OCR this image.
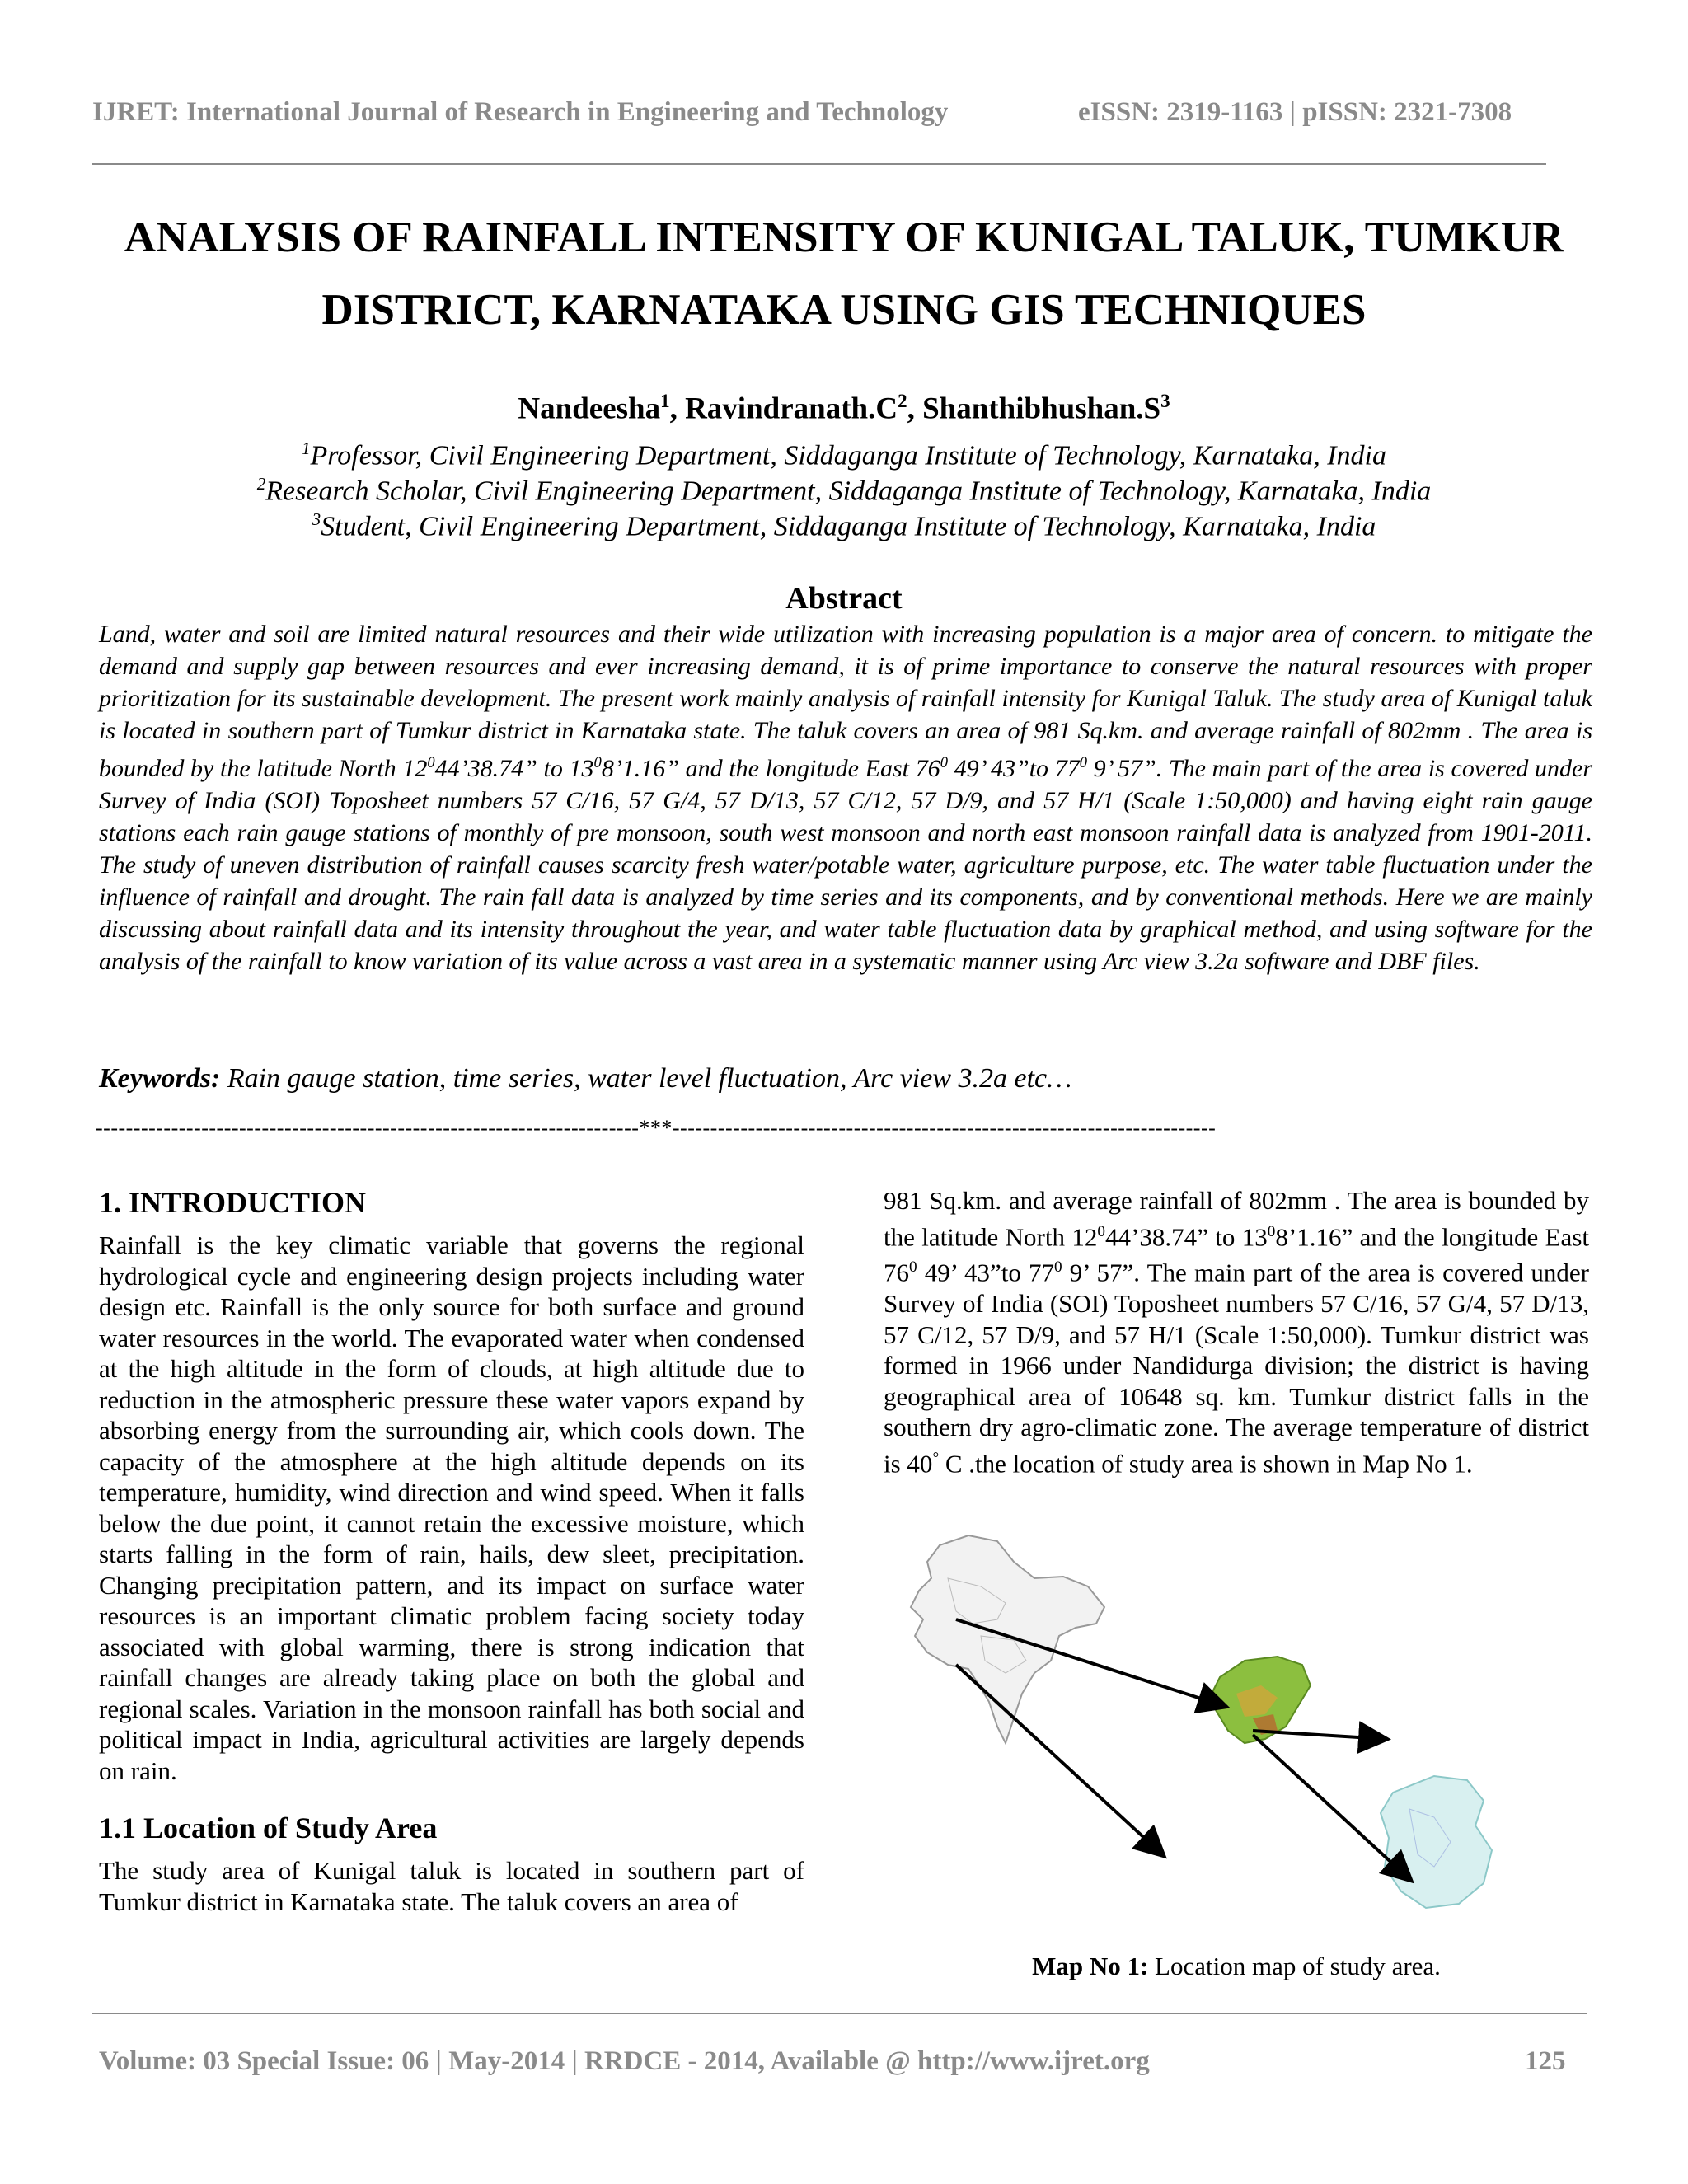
IJRET: International Journal of Research in Engineering and Technology	eISSN: 2319-1163 | pISSN: 2321-7308
ANALYSIS OF RAINFALL INTENSITY OF KUNIGAL TALUK, TUMKUR
DISTRICT, KARNATAKA USING GIS TECHNIQUES
Nandeesha$^1$, $Ravindranath.C^2$, $Shanthibhushan.S^3$
$^1$Professor, Civil Engineering Department, Siddaganga Institute of Technology, Karnataka, India
$^2$Research Scholar, Civil Engineering Department, Siddaganga Institute of Technology, Karnataka, India
$^3$Student, Civil Engineering Department, Siddaganga Institute of Technology, Karnataka, India
Abstract
Land, water and soil are limited natural resources and their wide utilization with increasing population is a major area of concern. to mitigate the demand and supply gap between resources and ever increasing demand, it is of prime importance to conserve the natural resources with proper prioritization for its sustainable development. The present work mainly analysis of rainfall intensity for Kunigal Taluk. The study area of Kunigal taluk is located in southern part of Tumkur district in Karnataka state. The taluk covers an area of 981 Sq.km. and average rainfall of 802mm . The area is bounded by the latitude North $12^044’38.74$” to $13^08’1.16$” and the longitude East $76^0$ 49’ 43”to $77^0$ 9’ 57”. The main part of the area is covered under Survey of India (SOI) Toposheet numbers 57 C/16, 57 G/4, 57 D/13, 57 C/12, 57 D/9, and 57 H/1 (Scale 1:50,000) and having eight rain gauge stations each rain gauge stations of monthly of pre monsoon, south west monsoon and north east monsoon rainfall data is analyzed from 1901-2011. The study of uneven distribution of rainfall causes scarcity fresh water/potable water, agriculture purpose, etc. The water table fluctuation under the influence of rainfall and drought. The rain fall data is analyzed by time series and its components, and by conventional methods. Here we are mainly discussing about rainfall data and its intensity throughout the year, and water table fluctuation data by graphical method, and using software for the analysis of the rainfall to know variation of its value across a vast area in a systematic manner using Arc view 3.2a software and DBF files.
Keywords: Rain gauge station, time series, water level fluctuation, Arc view 3.2a etc…
------------------------------------------------------------------------***------------------------------------------------------------------------
1. INTRODUCTION
Rainfall is the key climatic variable that governs the regional hydrological cycle and engineering design projects including water design etc. Rainfall is the only source for both surface and ground water resources in the world. The evaporated water when condensed at the high altitude in the form of clouds, at high altitude due to reduction in the atmospheric pressure these water vapors expand by absorbing energy from the surrounding air, which cools down. The capacity of the atmosphere at the high altitude depends on its temperature, humidity, wind direction and wind speed. When it falls below the due point, it cannot retain the excessive moisture, which starts falling in the form of rain, hails, dew sleet, precipitation. Changing precipitation pattern, and its impact on surface water resources is an important climatic problem facing society today associated with global warming, there is strong indication that rainfall changes are already taking place on both the global and regional scales. Variation in the monsoon rainfall has both social and political impact in India, agricultural activities are largely depends on rain.
1.1 Location of Study Area
The study area of Kunigal taluk is located in southern part of Tumkur district in Karnataka state. The taluk covers an area of
981 Sq.km. and average rainfall of 802mm . The area is bounded by the latitude North $12^044’38.74$” to $13^08’1.16$” and the longitude East $76^0$ 49’ 43”to $77^0$ 9’ 57”. The main part of the area is covered under Survey of India (SOI) Toposheet numbers 57 C/16, 57 G/4, 57 D/13, 57 C/12, 57 D/9, and 57 H/1 (Scale 1:50,000). Tumkur district was formed in 1966 under Nandidurga division; the district is having geographical area of 10648 sq. km. Tumkur district falls in the southern dry agro-climatic zone. The average temperature of district is 40° C .the location of study area is shown in Map No 1.
Map No 1: Location map of study area.
Volume: 03 Special Issue: 06 | May-2014 | RRDCE - 2014, Available @ http://www.ijret.org	125
